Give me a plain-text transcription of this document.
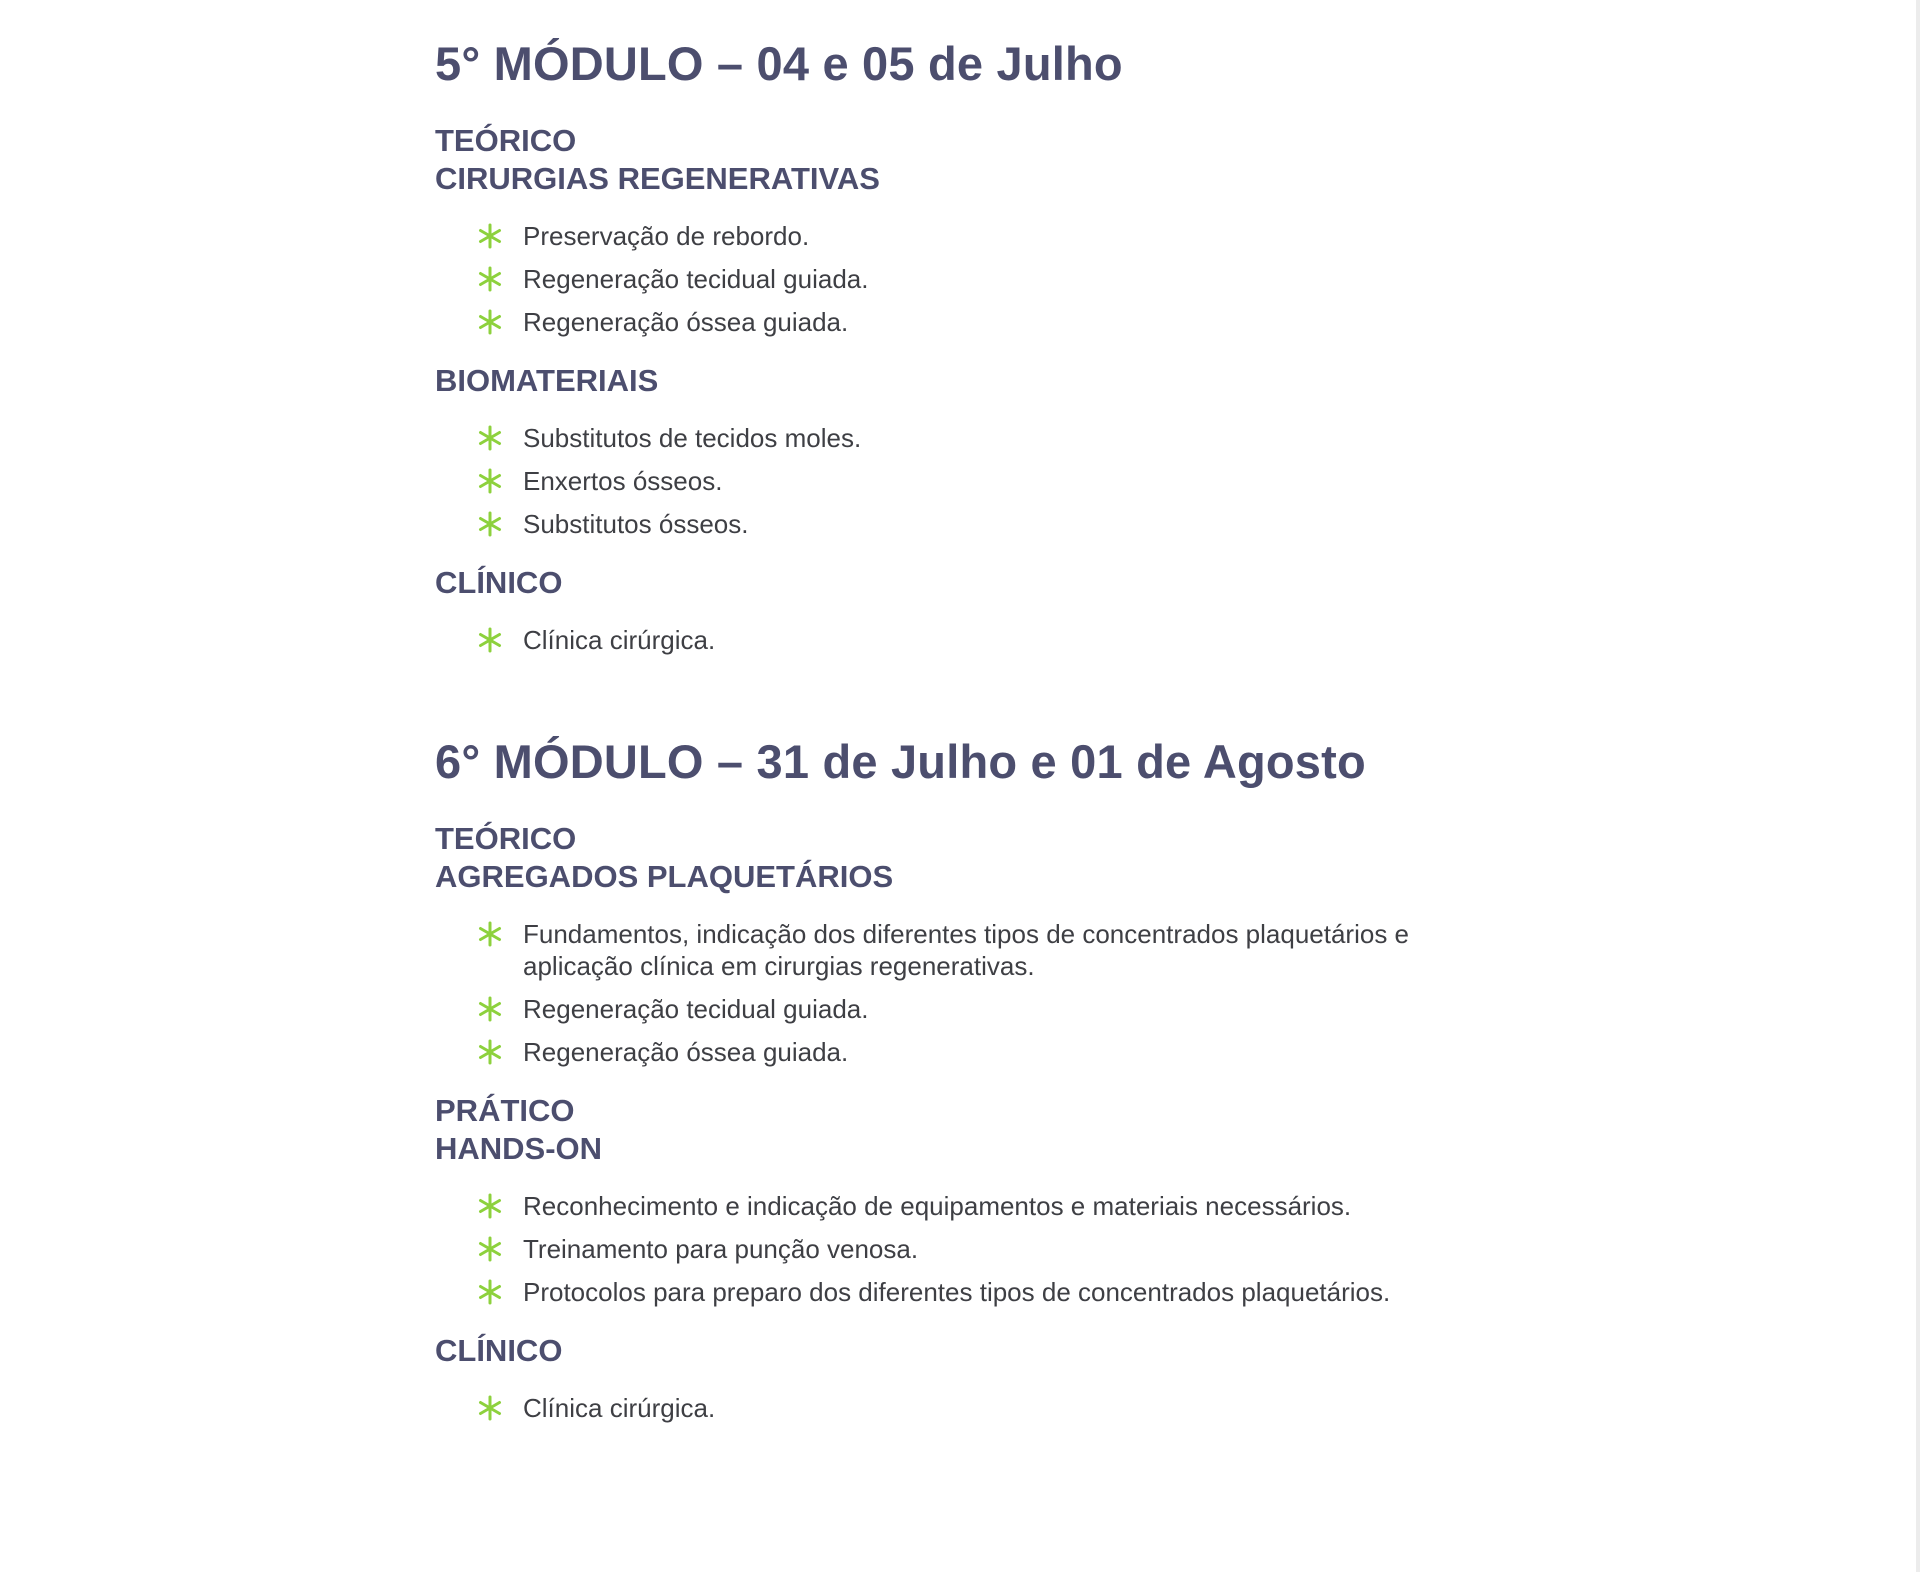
5° MÓDULO – 04 e 05 de Julho
TEÓRICO
CIRURGIAS REGENERATIVAS
Preservação de rebordo.
Regeneração tecidual guiada.
Regeneração óssea guiada.
BIOMATERIAIS
Substitutos de tecidos moles.
Enxertos ósseos.
Substitutos ósseos.
CLÍNICO
Clínica cirúrgica.
6° MÓDULO – 31 de Julho e 01 de Agosto
TEÓRICO
AGREGADOS PLAQUETÁRIOS
Fundamentos, indicação dos diferentes tipos de concentrados plaquetários e aplicação clínica em cirurgias regenerativas.
Regeneração tecidual guiada.
Regeneração óssea guiada.
PRÁTICO
HANDS-ON
Reconhecimento e indicação de equipamentos e materiais necessários.
Treinamento para punção venosa.
Protocolos para preparo dos diferentes tipos de concentrados plaquetários.
CLÍNICO
Clínica cirúrgica.
